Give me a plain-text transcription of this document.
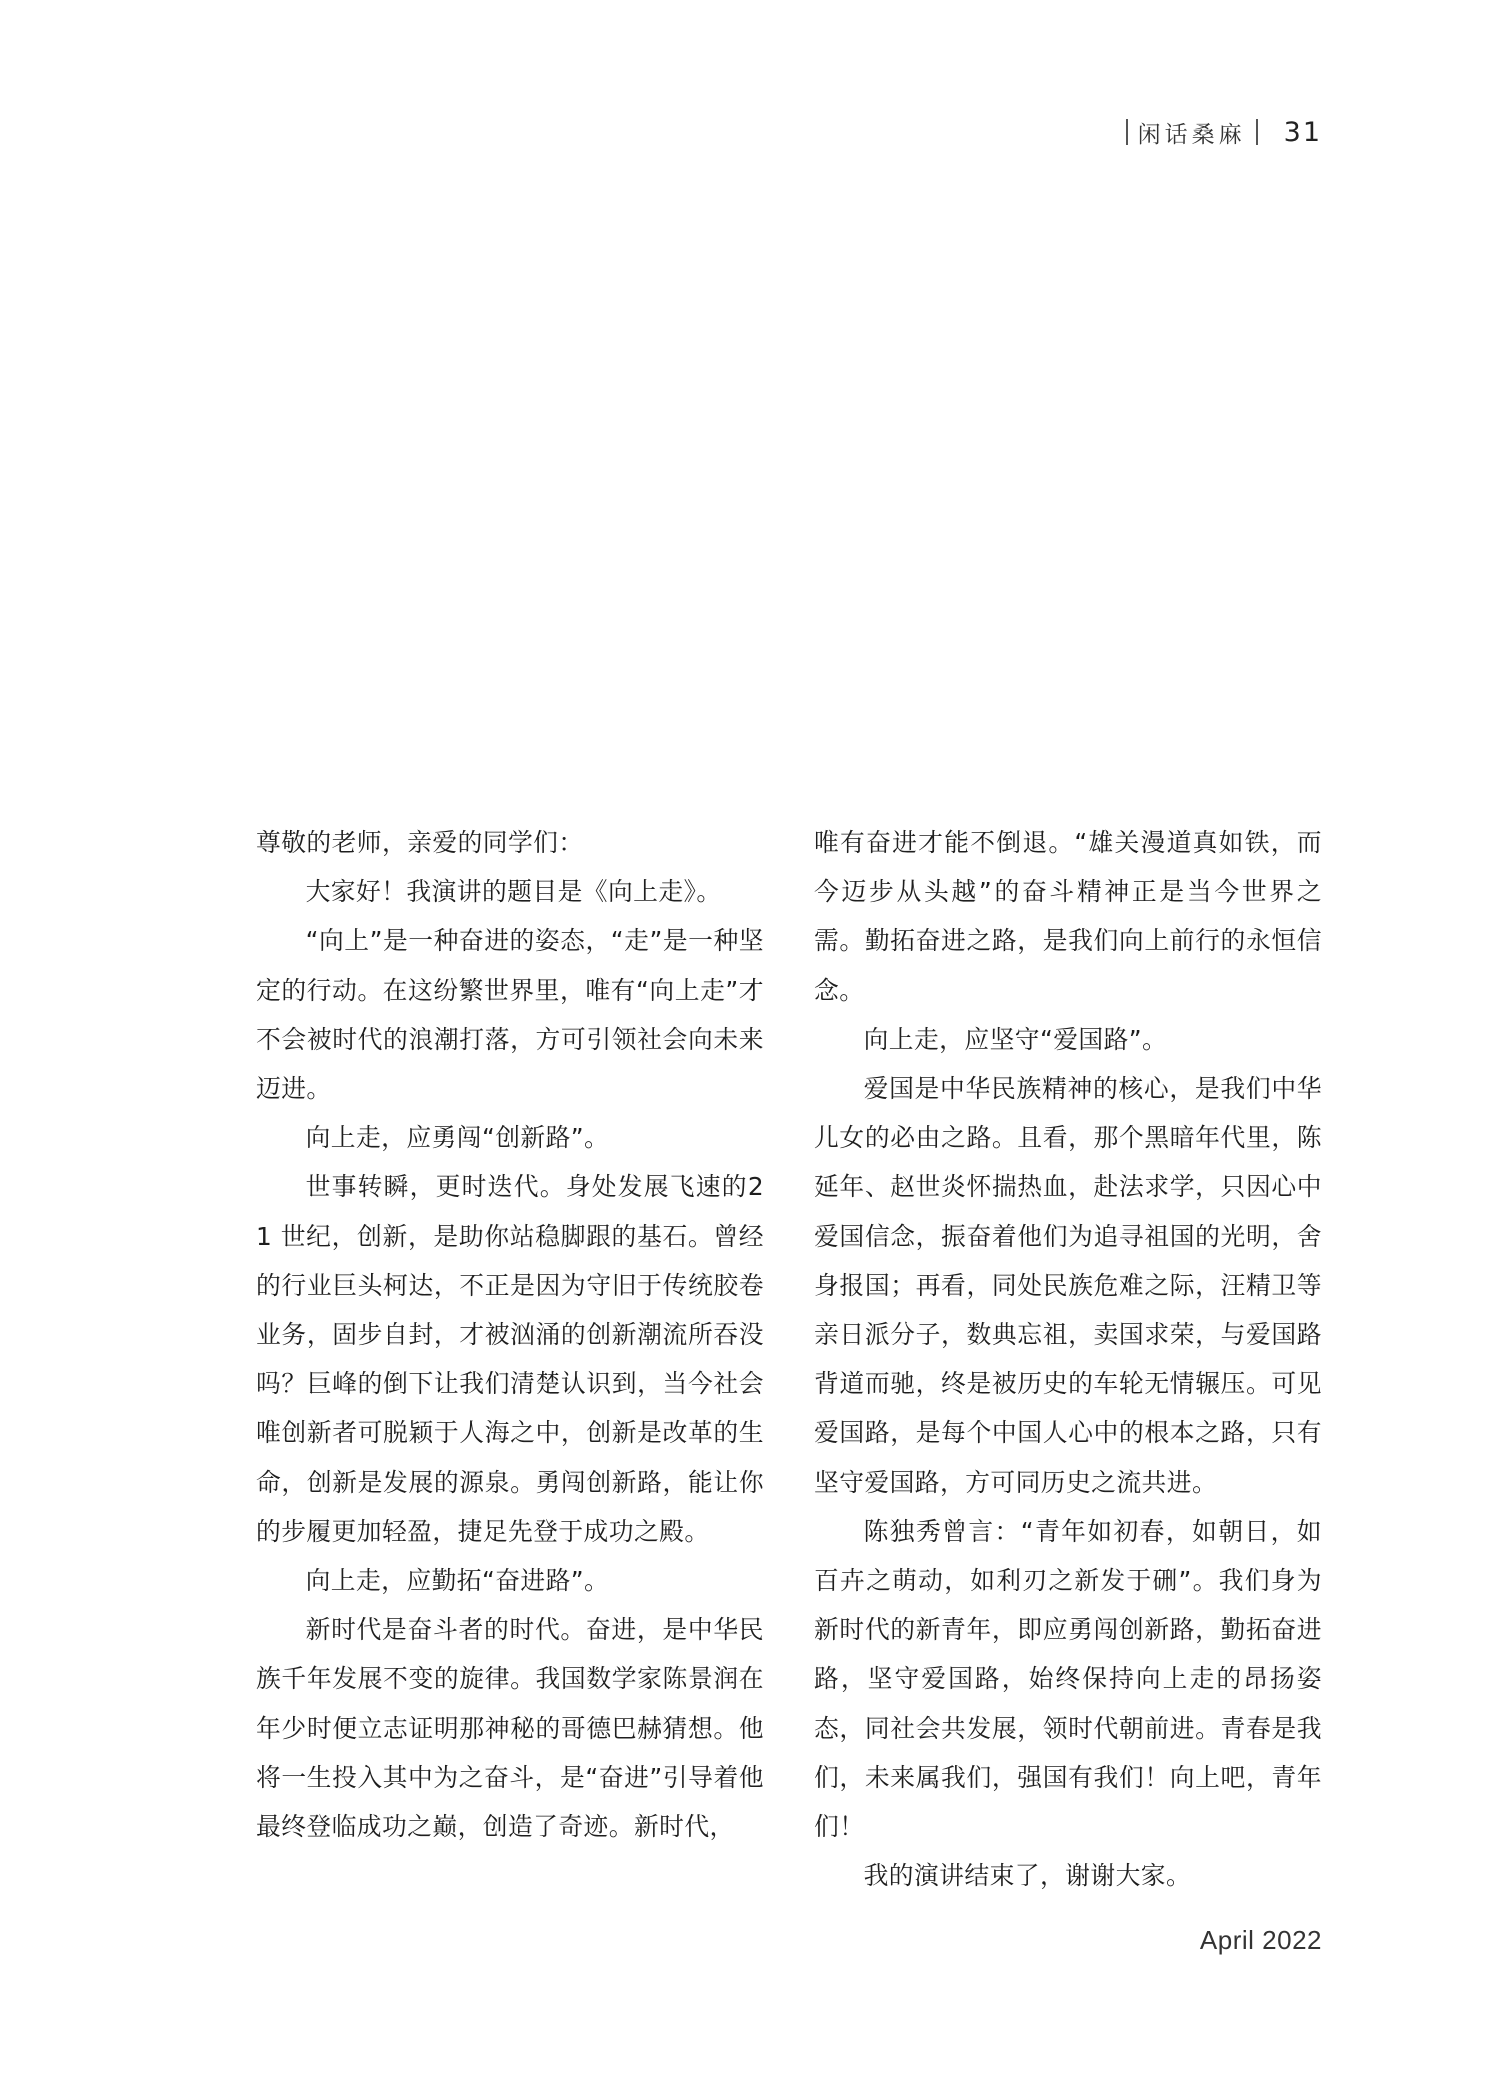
闲话桑麻 31

尊敬的老师，亲爱的同学们：

大家好！我演讲的题目是《向上走》。

“向上”是一种奋进的姿态，“走”是一种坚定的行动。在这纷繁世界里，唯有“向上走”才不会被时代的浪潮打落，方可引领社会向未来迈进。

向上走，应勇闯“创新路”。

世事转瞬，更时迭代。身处发展飞速的21 世纪，创新，是助你站稳脚跟的基石。曾经的行业巨头柯达，不正是因为守旧于传统胶卷业务，固步自封，才被汹涌的创新潮流所吞没吗？巨峰的倒下让我们清楚认识到，当今社会唯创新者可脱颖于人海之中，创新是改革的生命，创新是发展的源泉。勇闯创新路，能让你的步履更加轻盈，捷足先登于成功之殿。

向上走，应勤拓“奋进路”。

新时代是奋斗者的时代。奋进，是中华民族千年发展不变的旋律。我国数学家陈景润在年少时便立志证明那神秘的哥德巴赫猜想。他将一生投入其中为之奋斗，是“奋进”引导着他最终登临成功之巅，创造了奇迹。新时代，

唯有奋进才能不倒退。“雄关漫道真如铁，而今迈步从头越”的奋斗精神正是当今世界之需。勤拓奋进之路，是我们向上前行的永恒信念。

向上走，应坚守“爱国路”。

爱国是中华民族精神的核心，是我们中华儿女的必由之路。且看，那个黑暗年代里，陈延年、赵世炎怀揣热血，赴法求学，只因心中爱国信念，振奋着他们为追寻祖国的光明，舍身报国；再看，同处民族危难之际，汪精卫等亲日派分子，数典忘祖，卖国求荣，与爱国路背道而驰，终是被历史的车轮无情辗压。可见爱国路，是每个中国人心中的根本之路，只有坚守爱国路，方可同历史之流共进。

陈独秀曾言：“青年如初春，如朝日，如百卉之萌动，如利刃之新发于硎”。我们身为新时代的新青年，即应勇闯创新路，勤拓奋进路，坚守爱国路，始终保持向上走的昂扬姿态，同社会共发展，领时代朝前进。青春是我们，未来属我们，强国有我们！向上吧，青年们！

我的演讲结束了，谢谢大家。

April 2022
